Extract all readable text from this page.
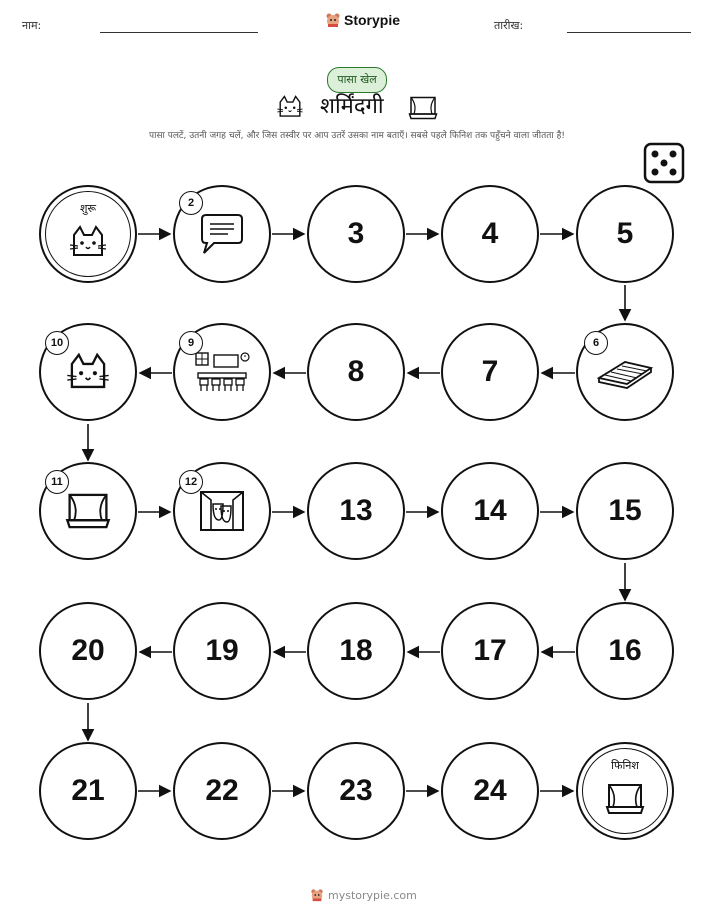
नाम:	Storypie	तारीख:
पासा खेल
शर्मिंदगी
पासा पलटें, उतनी जगह चलें, और जिस तस्वीर पर आप उतरें उसका नाम बताएँ। सबसे पहले फिनिश तक पहुँचने वाला जीतता है!
शुरू	2
3	4	5
6
7
8
9
10
11	12
13	14	15
16
17
18
19
20
21	22	23	24
फिनिश
mystorypie.com
